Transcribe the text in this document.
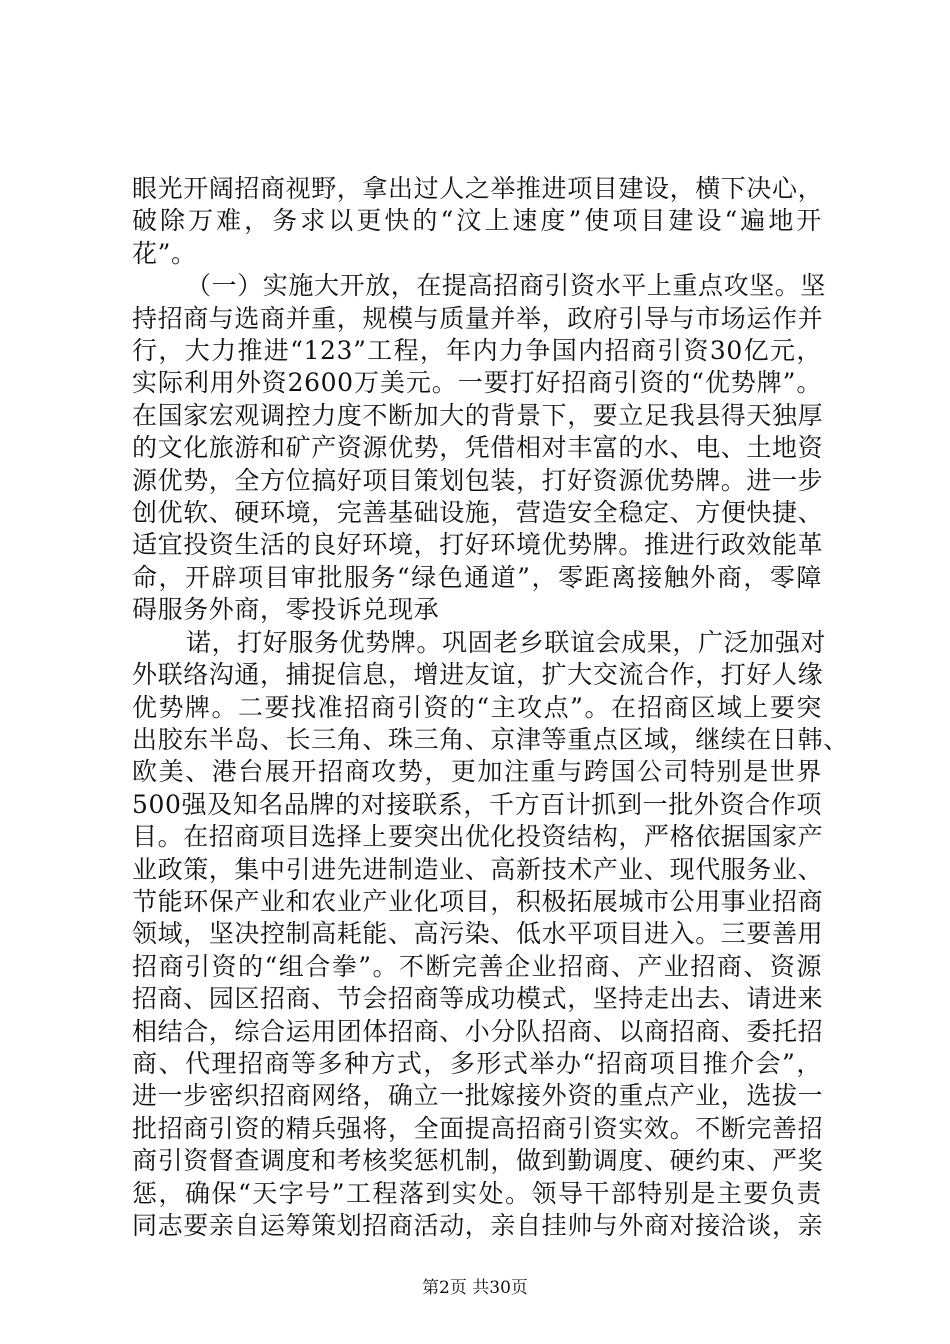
眼光开阔招商视野，拿出过人之举推进项目建设，横下决心，
破除万难，务求以更快的“汶上速度”使项目建设“遍地开
花”。
（一）实施大开放，在提高招商引资水平上重点攻坚。坚
持招商与选商并重，规模与质量并举，政府引导与市场运作并
行，大力推进“123”工程，年内力争国内招商引资30亿元，
实际利用外资2600万美元。一要打好招商引资的“优势牌”。
在国家宏观调控力度不断加大的背景下，要立足我县得天独厚
的文化旅游和矿产资源优势，凭借相对丰富的水、电、土地资
源优势，全方位搞好项目策划包装，打好资源优势牌。进一步
创优软、硬环境，完善基础设施，营造安全稳定、方便快捷、
适宜投资生活的良好环境，打好环境优势牌。推进行政效能革
命，开辟项目审批服务“绿色通道”，零距离接触外商，零障
碍服务外商，零投诉兑现承
诺，打好服务优势牌。巩固老乡联谊会成果，广泛加强对
外联络沟通，捕捉信息，增进友谊，扩大交流合作，打好人缘
优势牌。二要找准招商引资的“主攻点”。在招商区域上要突
出胶东半岛、长三角、珠三角、京津等重点区域，继续在日韩、
欧美、港台展开招商攻势，更加注重与跨国公司特别是世界
500强及知名品牌的对接联系，千方百计抓到一批外资合作项
目。在招商项目选择上要突出优化投资结构，严格依据国家产
业政策，集中引进先进制造业、高新技术产业、现代服务业、
节能环保产业和农业产业化项目，积极拓展城市公用事业招商
领域，坚决控制高耗能、高污染、低水平项目进入。三要善用
招商引资的“组合拳”。不断完善企业招商、产业招商、资源
招商、园区招商、节会招商等成功模式，坚持走出去、请进来
相结合，综合运用团体招商、小分队招商、以商招商、委托招
商、代理招商等多种方式，多形式举办“招商项目推介会”，
进一步密织招商网络，确立一批嫁接外资的重点产业，选拔一
批招商引资的精兵强将，全面提高招商引资实效。不断完善招
商引资督查调度和考核奖惩机制，做到勤调度、硬约束、严奖
惩，确保“天字号”工程落到实处。领导干部特别是主要负责
同志要亲自运筹策划招商活动，亲自挂帅与外商对接洽谈，亲
第2页 共30页
